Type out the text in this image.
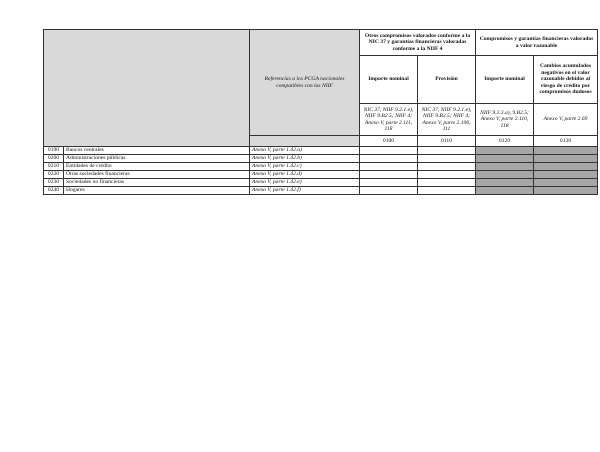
		Referencias a los PCGA nacionales compatibles con las NIIF	Otros compromisos valorados conforme a la NIC 37 y garantías financieras valoradas conforme a la NIIF 4		Compromisos y garantías financieras valorados a valor razonable	
			Importe nominal	Provisión	Importe nominal	Cambios acumulados negativos en el valor razonable debidos al riesgo de crédito por compromisos dudosos
			NIC 37, NIIF 9.2.1.e), NIIF 9.B2.5; NIIF 4; Anexo V, parte 2.111, 118	NIC 37, NIIF 9.2.1.e), NIIF 9.B2.5; NIIF 4; Anexo V, parte 2.106, 111	NIIF 9.2.3.a), 9.B2.5; Anexo V, parte 2.110, 118	Anexo V, parte 2.69
			0100	0110	0120	0130
0190	Bancos centrales	Anexo V, parte 1.42.a)				
0200	Administraciones públicas	Anexo V, parte 1.42.b)				
0210	Entidades de crédito	Anexo V, parte 1.42.c)				
0220	Otras sociedades financieras	Anexo V, parte 1.42.d)				
0230	Sociedades no financieras	Anexo V, parte 1.42.e)				
0240	Hogares	Anexo V, parte 1.42.f)				
